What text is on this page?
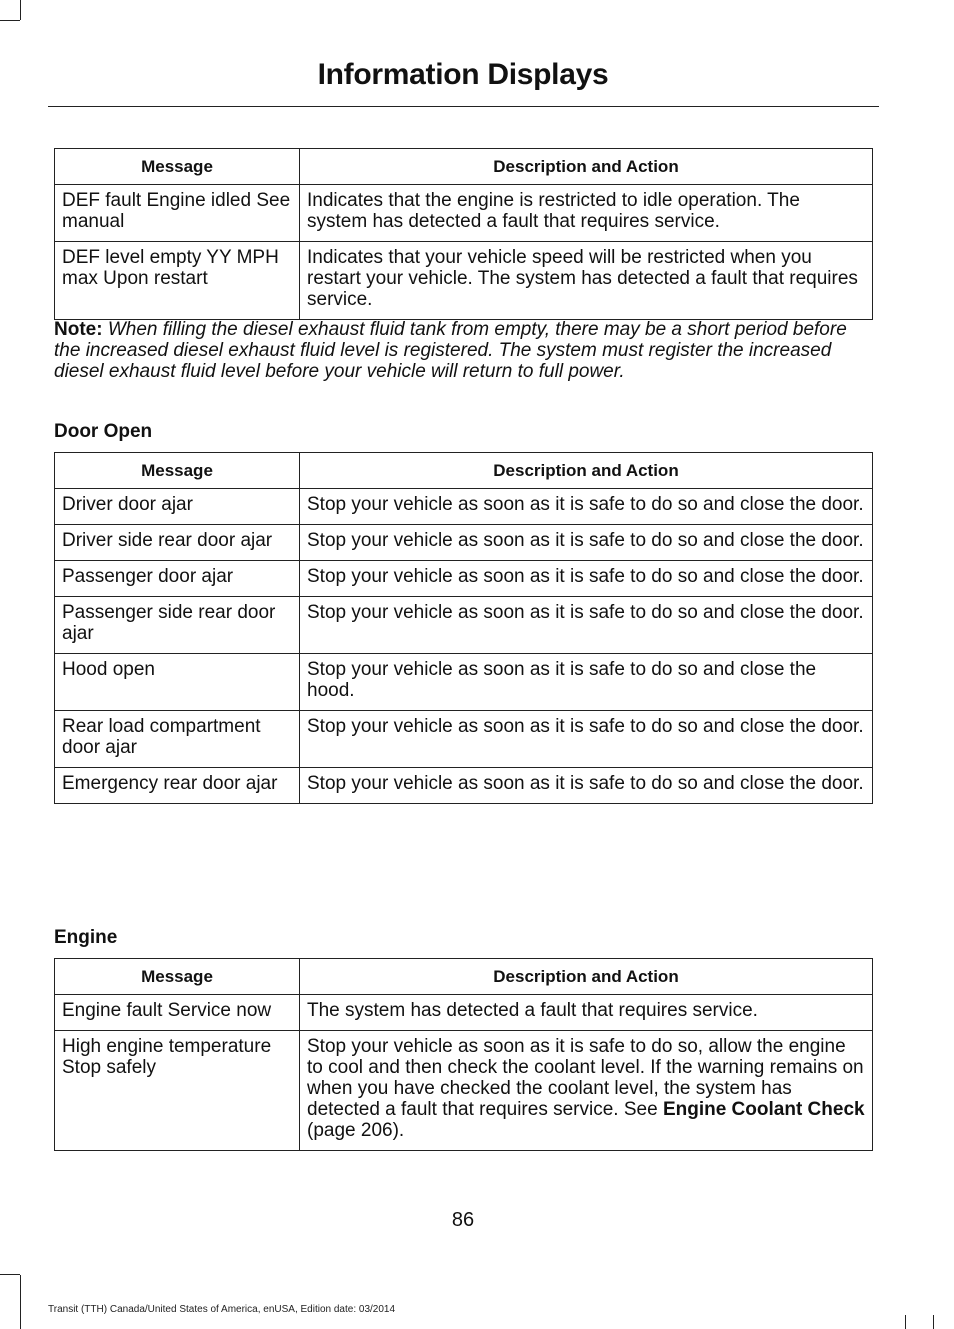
Information Displays
Message	Description and Action
DEF fault Engine idled See manual	Indicates that the engine is restricted to idle operation. The system has detected a fault that requires service.
DEF level empty YY MPH max Upon restart	Indicates that your vehicle speed will be restricted when you restart your vehicle. The system has detected a fault that requires service.

Note: When filling the diesel exhaust fluid tank from empty, there may be a short period before the increased diesel exhaust fluid level is registered. The system must register the increased diesel exhaust fluid level before your vehicle will return to full power.

Door Open
Message	Description and Action
Driver door ajar	Stop your vehicle as soon as it is safe to do so and close the door.
Driver side rear door ajar	Stop your vehicle as soon as it is safe to do so and close the door.
Passenger door ajar	Stop your vehicle as soon as it is safe to do so and close the door.
Passenger side rear door ajar	Stop your vehicle as soon as it is safe to do so and close the door.
Hood open	Stop your vehicle as soon as it is safe to do so and close the hood.
Rear load compartment door ajar	Stop your vehicle as soon as it is safe to do so and close the door.
Emergency rear door ajar	Stop your vehicle as soon as it is safe to do so and close the door.
Engine
Message	Description and Action
Engine fault Service now	The system has detected a fault that requires service.
High engine temperature Stop safely	Stop your vehicle as soon as it is safe to do so, allow the engine to cool and then check the coolant level. If the warning remains on when you have checked the coolant level, the system has detected a fault that requires service. See Engine Coolant Check (page 206).
86
Transit (TTH) Canada/United States of America, enUSA, Edition date: 03/2014
